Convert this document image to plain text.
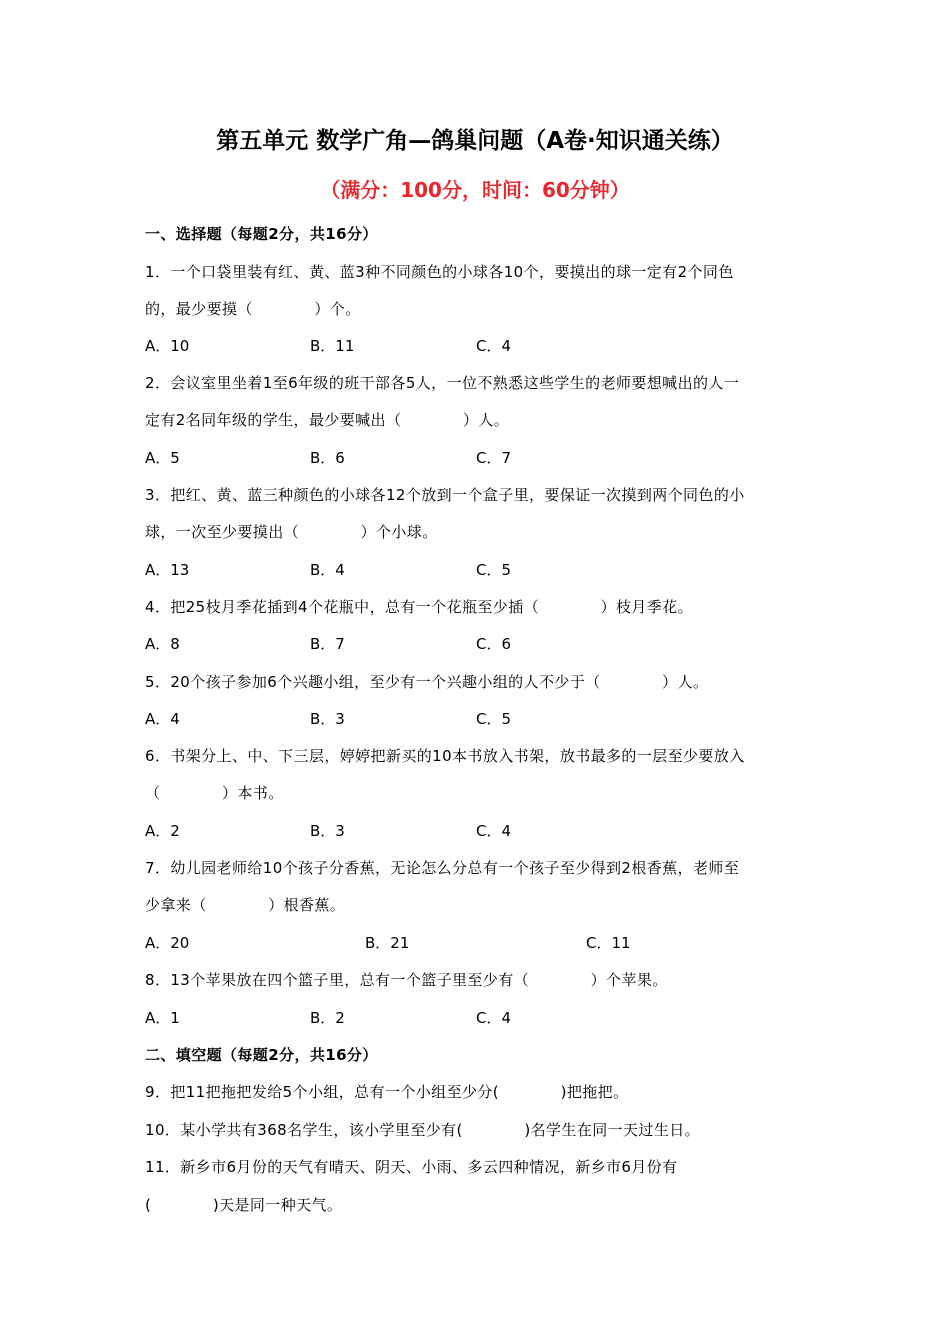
第五单元 数学广角—鸽巢问题（A卷·知识通关练）
（满分：100分，时间：60分钟）
一、选择题（每题2分，共16分）
1．一个口袋里装有红、黄、蓝3种不同颜色的小球各10个，要摸出的球一定有2个同色
的，最少要摸（　　　　）个。
A．10	B．11	C．4
2．会议室里坐着1至6年级的班干部各5人，一位不熟悉这些学生的老师要想喊出的人一
定有2名同年级的学生，最少要喊出（　　　　）人。
A．5	B．6	C．7
3．把红、黄、蓝三种颜色的小球各12个放到一个盒子里，要保证一次摸到两个同色的小
球，一次至少要摸出（　　　　）个小球。
A．13	B．4	C．5
4．把25枝月季花插到4个花瓶中，总有一个花瓶至少插（　　　　）枝月季花。
A．8	B．7	C．6
5．20个孩子参加6个兴趣小组，至少有一个兴趣小组的人不少于（　　　　）人。
A．4	B．3	C．5
6．书架分上、中、下三层，婷婷把新买的10本书放入书架，放书最多的一层至少要放入
（　　　　）本书。
A．2	B．3	C．4
7．幼儿园老师给10个孩子分香蕉，无论怎么分总有一个孩子至少得到2根香蕉，老师至
少拿来（　　　　）根香蕉。
A．20	B．21	C．11
8．13个苹果放在四个篮子里，总有一个篮子里至少有（　　　　）个苹果。
A．1	B．2	C．4
二、填空题（每题2分，共16分）
9．把11把拖把发给5个小组，总有一个小组至少分(　　　　)把拖把。
10．某小学共有368名学生，该小学里至少有(　　　　)名学生在同一天过生日。
11．新乡市6月份的天气有晴天、阴天、小雨、多云四种情况，新乡市6月份有
(　　　　)天是同一种天气。
